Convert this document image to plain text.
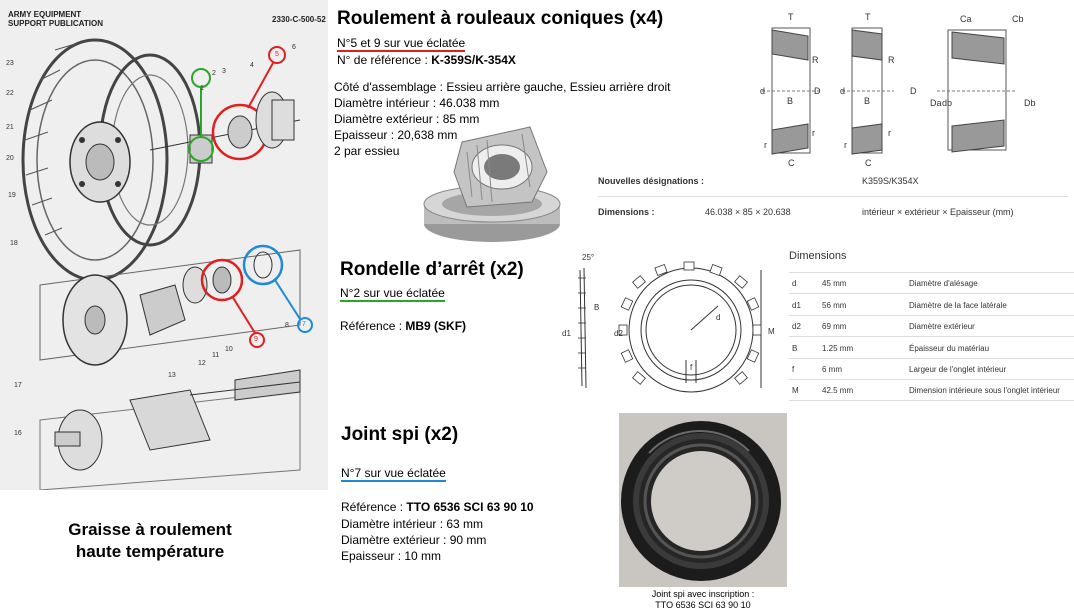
ARMY EQUIPMENT
SUPPORT PUBLICATION	2330-C-500-52
23
22
21
20
19
18
17
16
1
2 3
4
5
6
7
8
9
10
11
12
13
Graisse à roulement
haute température
Roulement à rouleaux coniques (x4)
N°5 et 9 sur vue éclatée
N° de référence : K-359S/K-354X
Côté d'assemblage : Essieu arrière gauche, Essieu arrière droit
Diamètre intérieur : 46.038 mm
Diamètre extérieur : 85 mm
Epaisseur : 20,638 mm
2 par essieu
T	T	Ca	Cb
R	R
d	D d	D
B	B
r	r
C	C
r	r
Da db	Db
Nouvelles désignations :	K359S/K354X
Dimensions :	46.038 × 85 × 20.638	intérieur × extérieur × Epaisseur (mm)
Rondelle d’arrêt (x2)
N°2 sur vue éclatée
Référence : MB9 (SKF)
25°
B
d1	d2
d
M
f
Dimensions
d	45 mm	Diamètre d'alésage
d1	56 mm	Diamètre de la face latérale
d2	69 mm	Diamètre extérieur
B	1.25 mm	Épaisseur du matériau
f	6 mm	Largeur de l'onglet intérieur
M	42.5 mm	Dimension intérieure sous l'onglet intérieur
Joint spi (x2)
N°7 sur vue éclatée
Référence : TTO 6536 SCI 63 90 10
Diamètre intérieur : 63 mm
Diamètre extérieur : 90 mm
Epaisseur : 10 mm
Joint spi avec inscription :
TTO 6536 SCI 63 90 10
